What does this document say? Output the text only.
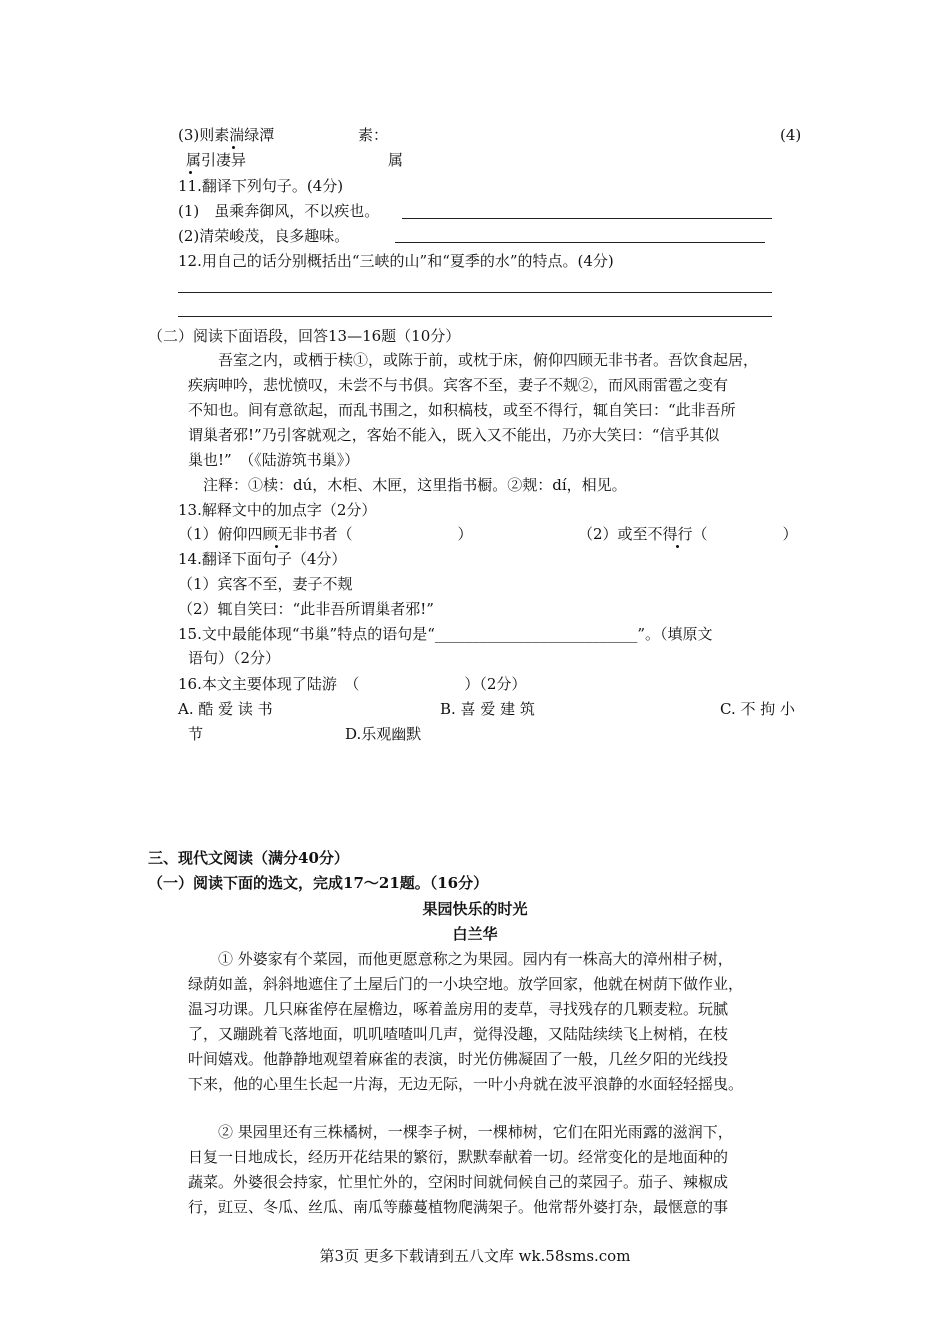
(3)则素湍绿潭	素：	(4)
属引凄异	属
11.翻译下列句子。(4分)
(1)　虽乘奔御风，不以疾也。
(2)清荣峻茂，良多趣味。
12.用自己的话分别概括出“三峡的山”和“夏季的水”的特点。(4分)
（二）阅读下面语段，回答13—16题（10分）
吾室之内，或栖于椟①，或陈于前，或枕于床，俯仰四顾无非书者。吾饮食起居，
疾病呻吟，悲忧愤叹，未尝不与书俱。宾客不至，妻子不觌②，而风雨雷雹之变有
不知也。间有意欲起，而乱书围之，如积槁枝，或至不得行，辄自笑曰：“此非吾所
谓巢者邪!”乃引客就观之，客始不能入，既入又不能出，乃亦大笑曰：“信乎其似
巢也!”　（《陆游筑书巢》）
注释：①椟：dú，木柜、木匣，这里指书橱。②觌：dí，相见。
13.解释文中的加点字（2分）
（1）俯仰四顾无非书者（　　　　　　　）	（2）或至不得行（　　　　　）
14.翻译下面句子（4分）
（1）宾客不至，妻子不觌
（2）辄自笑曰：“此非吾所谓巢者邪!”
15.文中最能体现“书巢”特点的语句是“___________________________”。（填原文
语句）（2分）
16.本文主要体现了陆游　（　　　　　　　）（2分）
A. 酷 爱 读 书	B. 喜 爱 建 筑	C. 不 拘 小
节	D.乐观幽默
三、现代文阅读（满分40分）
（一）阅读下面的选文，完成17～21题。（16分）
果园快乐的时光
白兰华
① 外婆家有个菜园，而他更愿意称之为果园。园内有一株高大的漳州柑子树，
绿荫如盖，斜斜地遮住了土屋后门的一小块空地。放学回家，他就在树荫下做作业，
温习功课。几只麻雀停在屋檐边，啄着盖房用的麦草，寻找残存的几颗麦粒。玩腻
了，又蹦跳着飞落地面，叽叽喳喳叫几声，觉得没趣，又陆陆续续飞上树梢，在枝
叶间嬉戏。他静静地观望着麻雀的表演，时光仿佛凝固了一般，几丝夕阳的光线投
下来，他的心里生长起一片海，无边无际，一叶小舟就在波平浪静的水面轻轻摇曳。
② 果园里还有三株橘树，一棵李子树，一棵柿树，它们在阳光雨露的滋润下，
日复一日地成长，经历开花结果的繁衍，默默奉献着一切。经常变化的是地面种的
蔬菜。外婆很会持家，忙里忙外的，空闲时间就伺候自己的菜园子。茄子、辣椒成
行，豇豆、冬瓜、丝瓜、南瓜等藤蔓植物爬满架子。他常帮外婆打杂，最惬意的事
第3页 更多下载请到五八文库 wk.58sms.com
